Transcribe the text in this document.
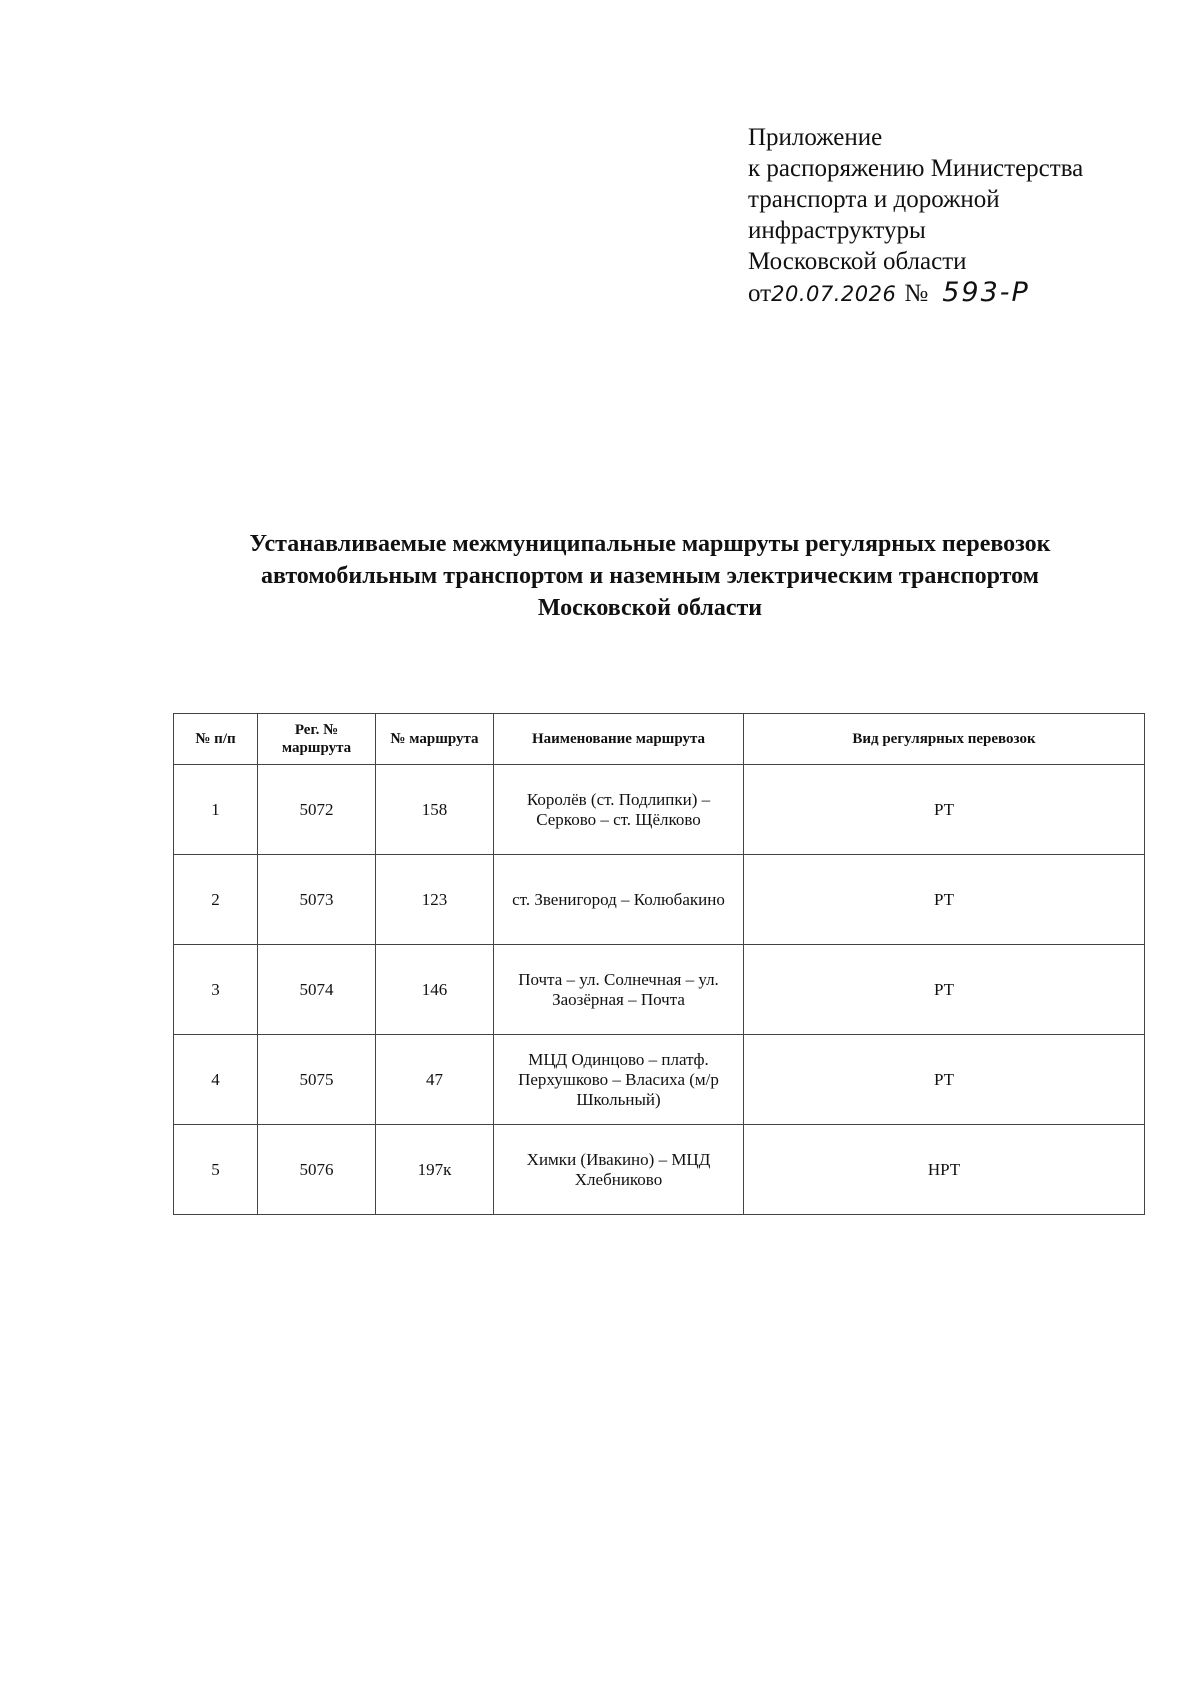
Приложение
к распоряжению Министерства
транспорта и дорожной
инфраструктуры
Московской области
от 20.07.2026 № 593-Р
Устанавливаемые межмуниципальные маршруты регулярных перевозок
автомобильным транспортом и наземным электрическим транспортом
Московской области
№ п/п	Рег. № маршрута	№ маршрута	Наименование маршрута	Вид регулярных перевозок
1	5072	158	Королёв (ст. Подлипки) – Серково – ст. Щёлково	РТ
2	5073	123	ст. Звенигород – Колюбакино	РТ
3	5074	146	Почта – ул. Солнечная – ул. Заозёрная – Почта	РТ
4	5075	47	МЦД Одинцово – платф. Перхушково – Власиха (м/р Школьный)	РТ
5	5076	197к	Химки (Ивакино) – МЦД Хлебниково	НРТ
